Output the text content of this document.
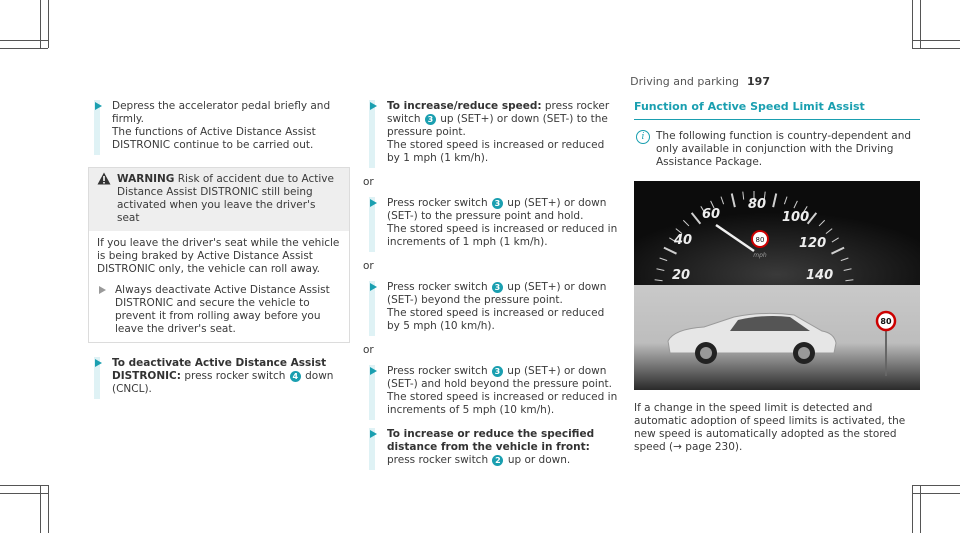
Driving and parking 197

Depress the accelerator pedal briefly and firmly.

The functions of Active Distance Assist DISTRONIC continue to be carried out.

WARNING Risk of accident due to Active Distance Assist DISTRONIC still being activated when you leave the driver's seat

If you leave the driver's seat while the vehicle is being braked by Active Distance Assist DISTRONIC only, the vehicle can roll away.

Always deactivate Active Distance Assist DISTRONIC and secure the vehicle to prevent it from rolling away before you leave the driver's seat.

To deactivate Active Distance Assist DISTRONIC: press rocker switch 4 down (CNCL).

To increase/reduce speed: press rocker switch 3 up (SET+) or down (SET-) to the pressure point.

The stored speed is increased or reduced by 1 mph (1 km/h).

or

Press rocker switch 3 up (SET+) or down (SET-) to the pressure point and hold.

The stored speed is increased or reduced in increments of 1 mph (1 km/h).

or

Press rocker switch 3 up (SET+) or down (SET-) beyond the pressure point.

The stored speed is increased or reduced by 5 mph (10 km/h).

or

Press rocker switch 3 up (SET+) or down (SET-) and hold beyond the pressure point.

The stored speed is increased or reduced in increments of 5 mph (10 km/h).

To increase or reduce the specified distance from the vehicle in front: press rocker switch 2 up or down.

Function of Active Speed Limit Assist
i	The following function is country-dependent and only available in conjunction with the Driving Assistance Package.
20
40
60
80
100
120
140
80
mph
80

If a change in the speed limit is detected and automatic adoption of speed limits is activated, the new speed is automatically adopted as the stored speed (→ page 230).
